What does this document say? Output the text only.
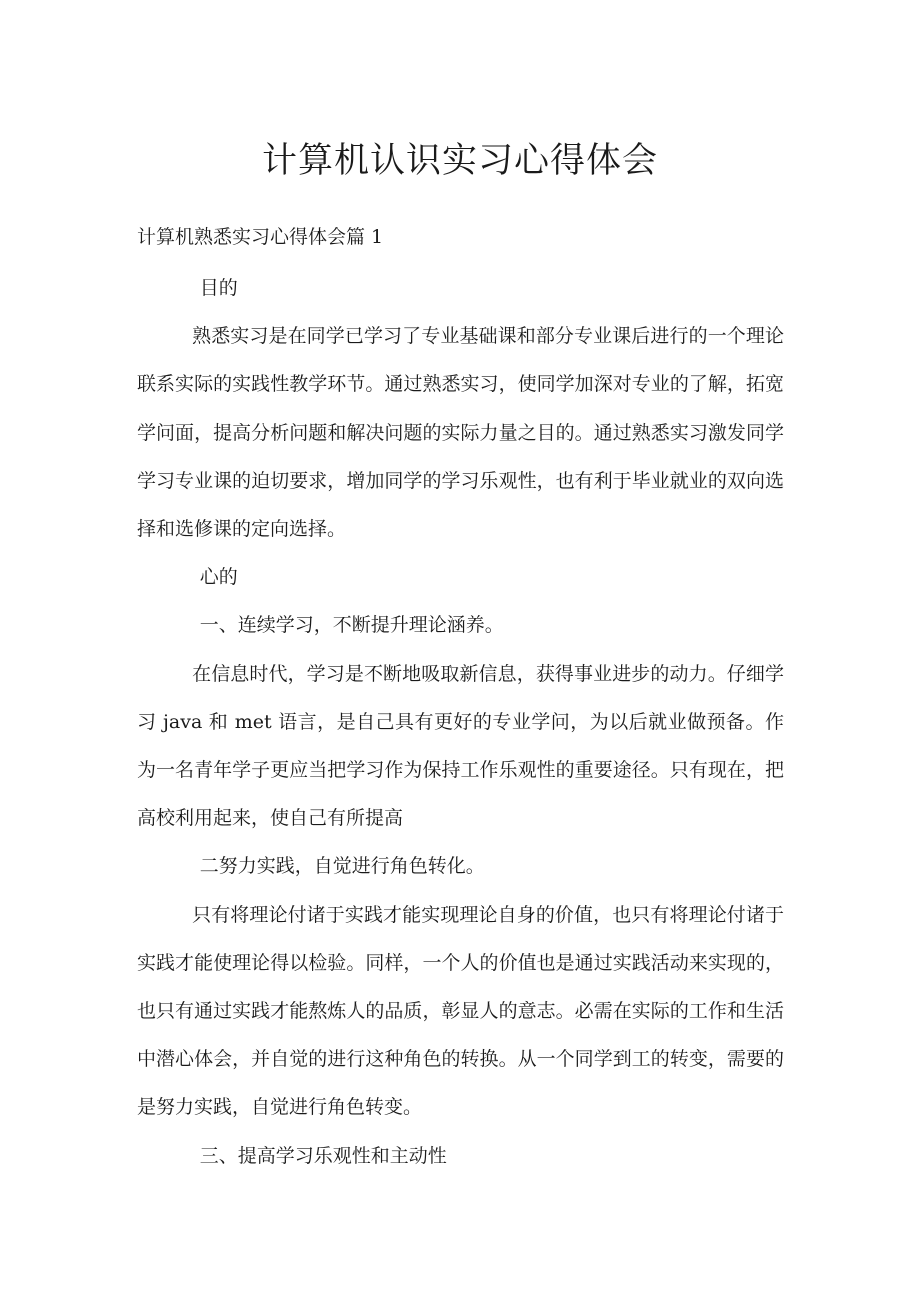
计算机认识实习心得体会

计算机熟悉实习心得体会篇 1

目的

熟悉实习是在同学已学习了专业基础课和部分专业课后进行的一个理论联系实际的实践性教学环节。通过熟悉实习，使同学加深对专业的了解，拓宽学问面，提高分析问题和解决问题的实际力量之目的。通过熟悉实习激发同学学习专业课的迫切要求，增加同学的学习乐观性，也有利于毕业就业的双向选择和选修课的定向选择。

心的

一、连续学习，不断提升理论涵养。

在信息时代，学习是不断地吸取新信息，获得事业进步的动力。仔细学习 java 和 met 语言，是自己具有更好的专业学问，为以后就业做预备。作为一名青年学子更应当把学习作为保持工作乐观性的重要途径。只有现在，把高校利用起来，使自己有所提高

二努力实践，自觉进行角色转化。

只有将理论付诸于实践才能实现理论自身的价值，也只有将理论付诸于实践才能使理论得以检验。同样，一个人的价值也是通过实践活动来实现的，也只有通过实践才能熬炼人的品质，彰显人的意志。必需在实际的工作和生活中潜心体会，并自觉的进行这种角色的转换。从一个同学到工的转变，需要的是努力实践，自觉进行角色转变。

三、提高学习乐观性和主动性
